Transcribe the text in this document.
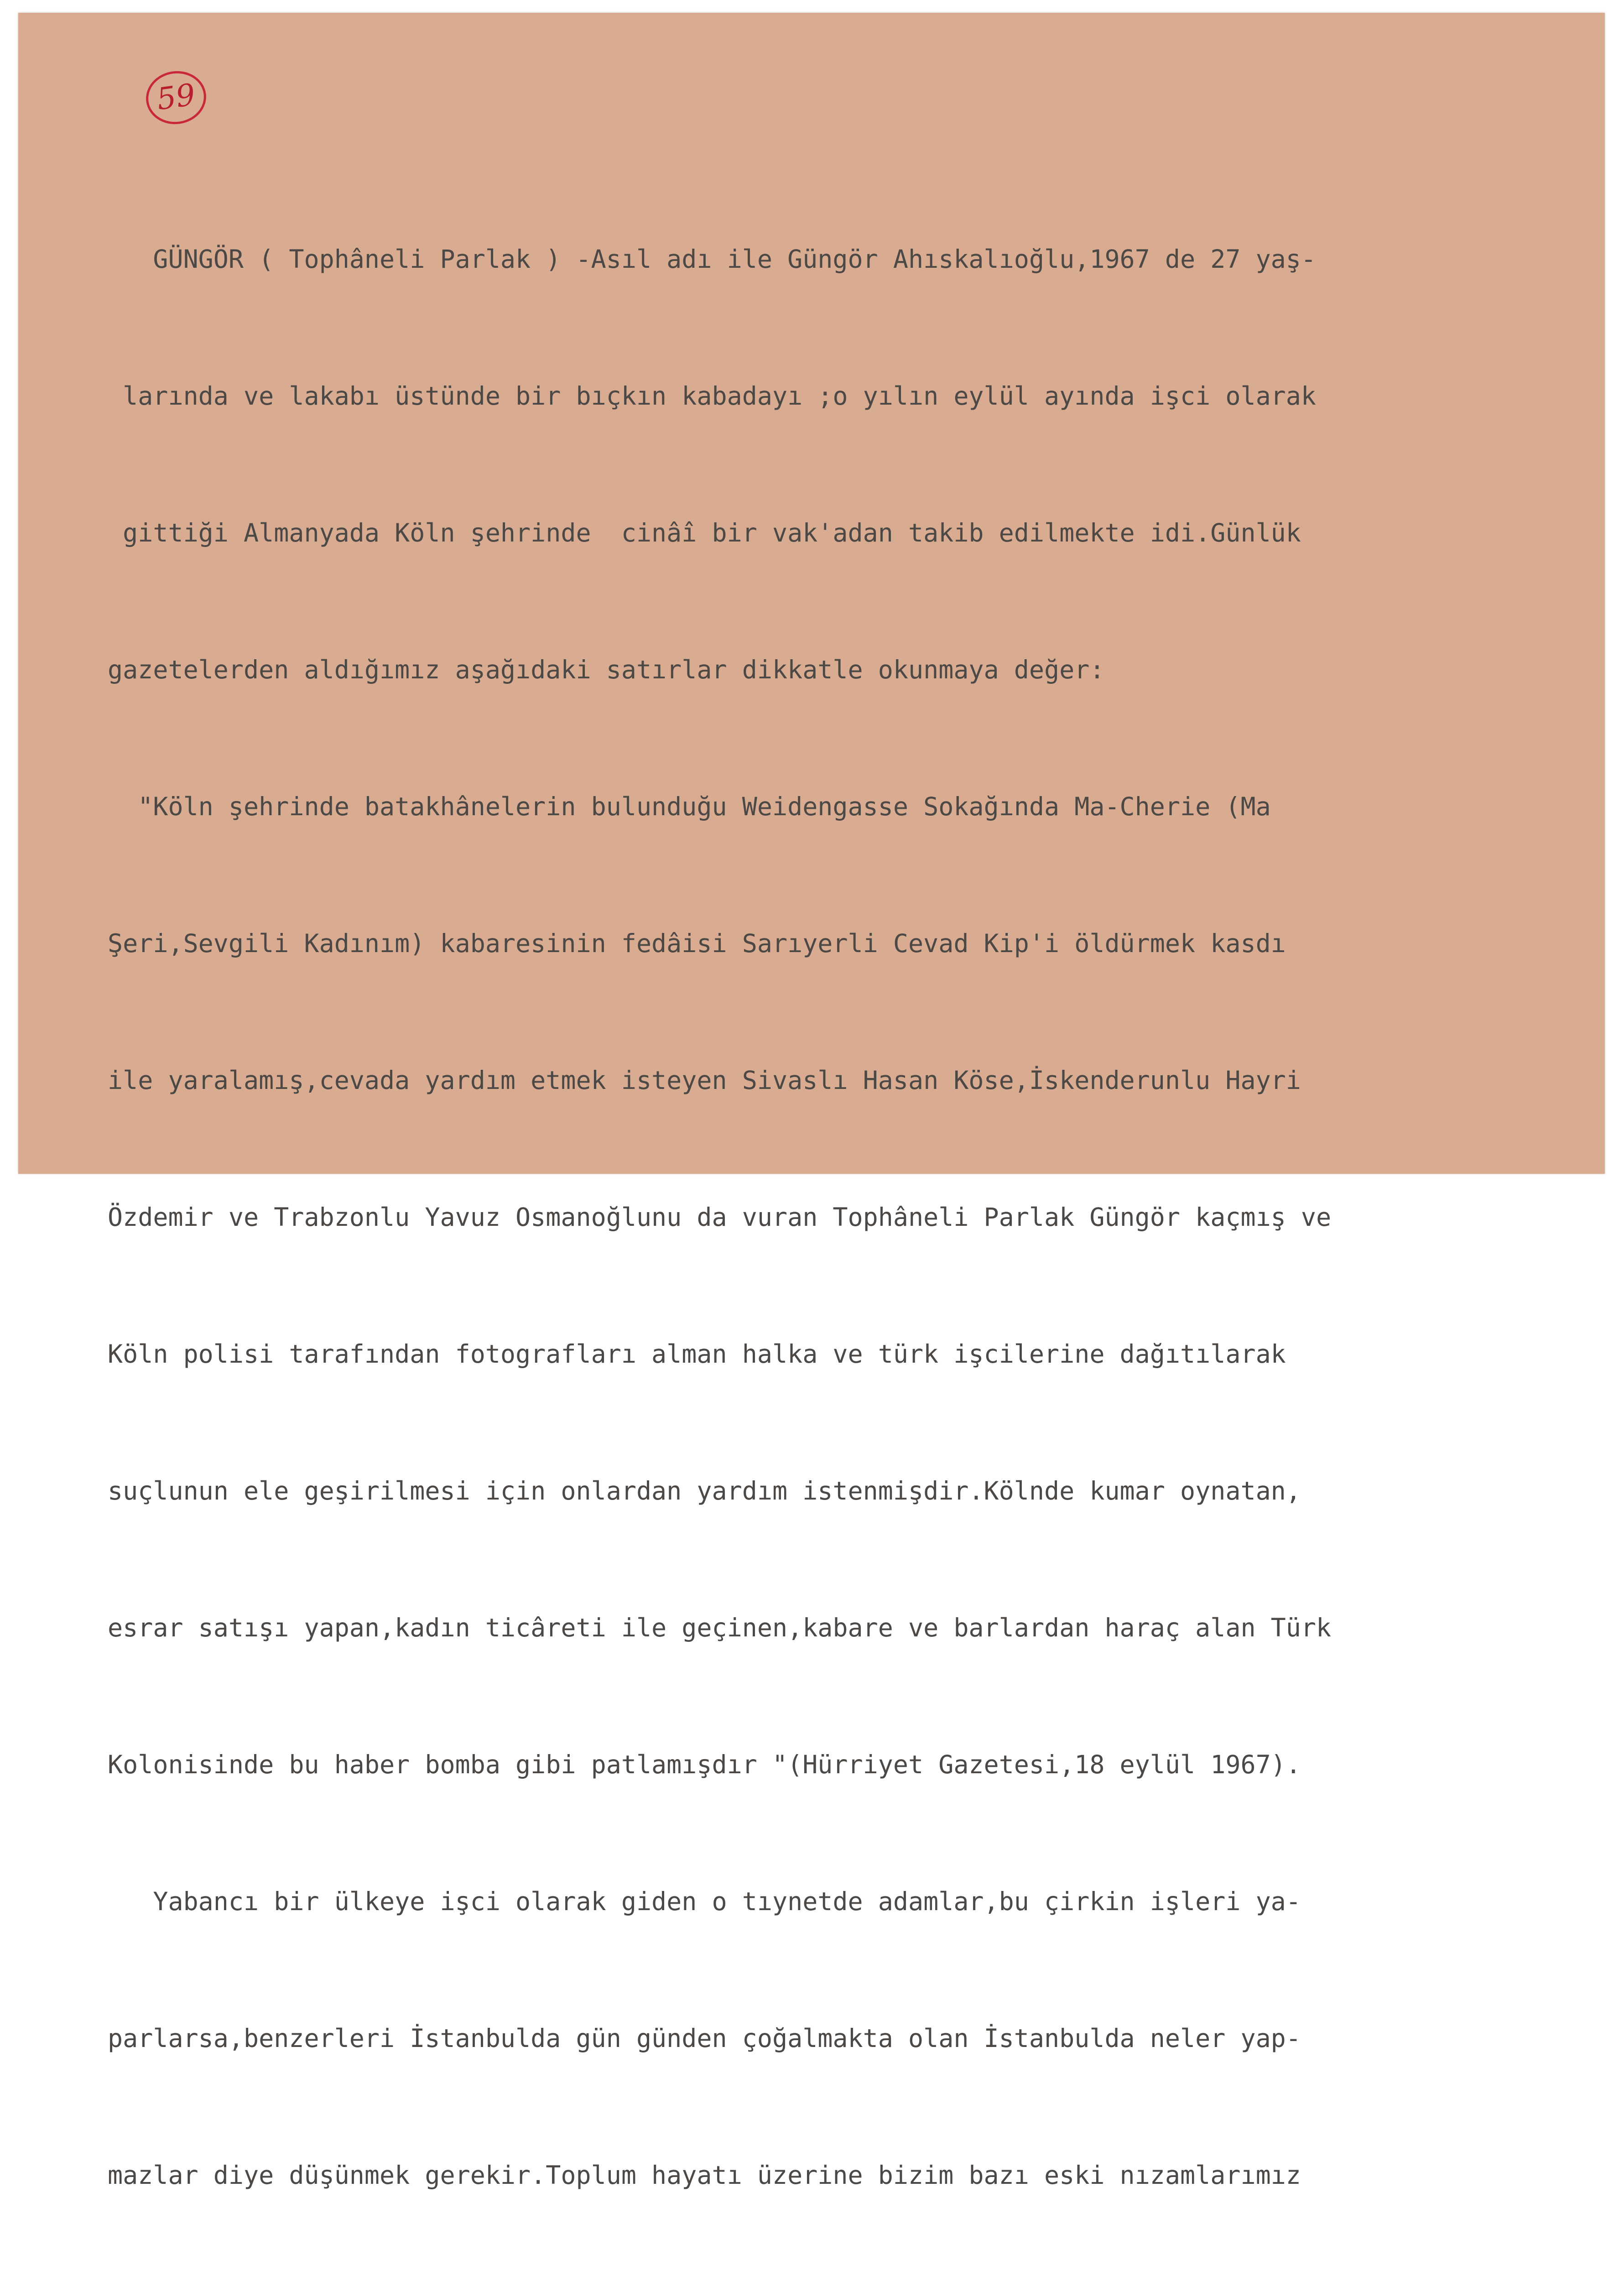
59

GÜNGÖR ( Tophâneli Parlak ) -Asıl adı ile Güngör Ahıskalıoğlu,1967 de 27 yaş-

larında ve lakabı üstünde bir bıçkın kabadayı ;o yılın eylül ayında işci olarak

gittiği Almanyada Köln şehrinde  cinâî bir vak'adan takib edilmekte idi.Günlük

gazetelerden aldığımız aşağıdaki satırlar dikkatle okunmaya değer:

"Köln şehrinde batakhânelerin bulunduğu Weidengasse Sokağında Ma-Cherie (Ma

Şeri,Sevgili Kadınım) kabaresinin fedâisi Sarıyerli Cevad Kip'i öldürmek kasdı

ile yaralamış,cevada yardım etmek isteyen Sivaslı Hasan Köse,İskenderunlu Hayri

Özdemir ve Trabzonlu Yavuz Osmanoğlunu da vuran Tophâneli Parlak Güngör kaçmış ve

Köln polisi tarafından fotografları alman halka ve türk işcilerine dağıtılarak

suçlunun ele geşirilmesi için onlardan yardım istenmişdir.Kölnde kumar oynatan,

esrar satışı yapan,kadın ticâreti ile geçinen,kabare ve barlardan haraç alan Türk

Kolonisinde bu haber bomba gibi patlamışdır "(Hürriyet Gazetesi,18 eylül 1967).

Yabancı bir ülkeye işci olarak giden o tıynetde adamlar,bu çirkin işleri ya-

parlarsa,benzerleri İstanbulda gün günden çoğalmakta olan İstanbulda neler yap-

mazlar diye düşünmek gerekir.Toplum hayatı üzerine bizim bazı eski nızamlarımız
